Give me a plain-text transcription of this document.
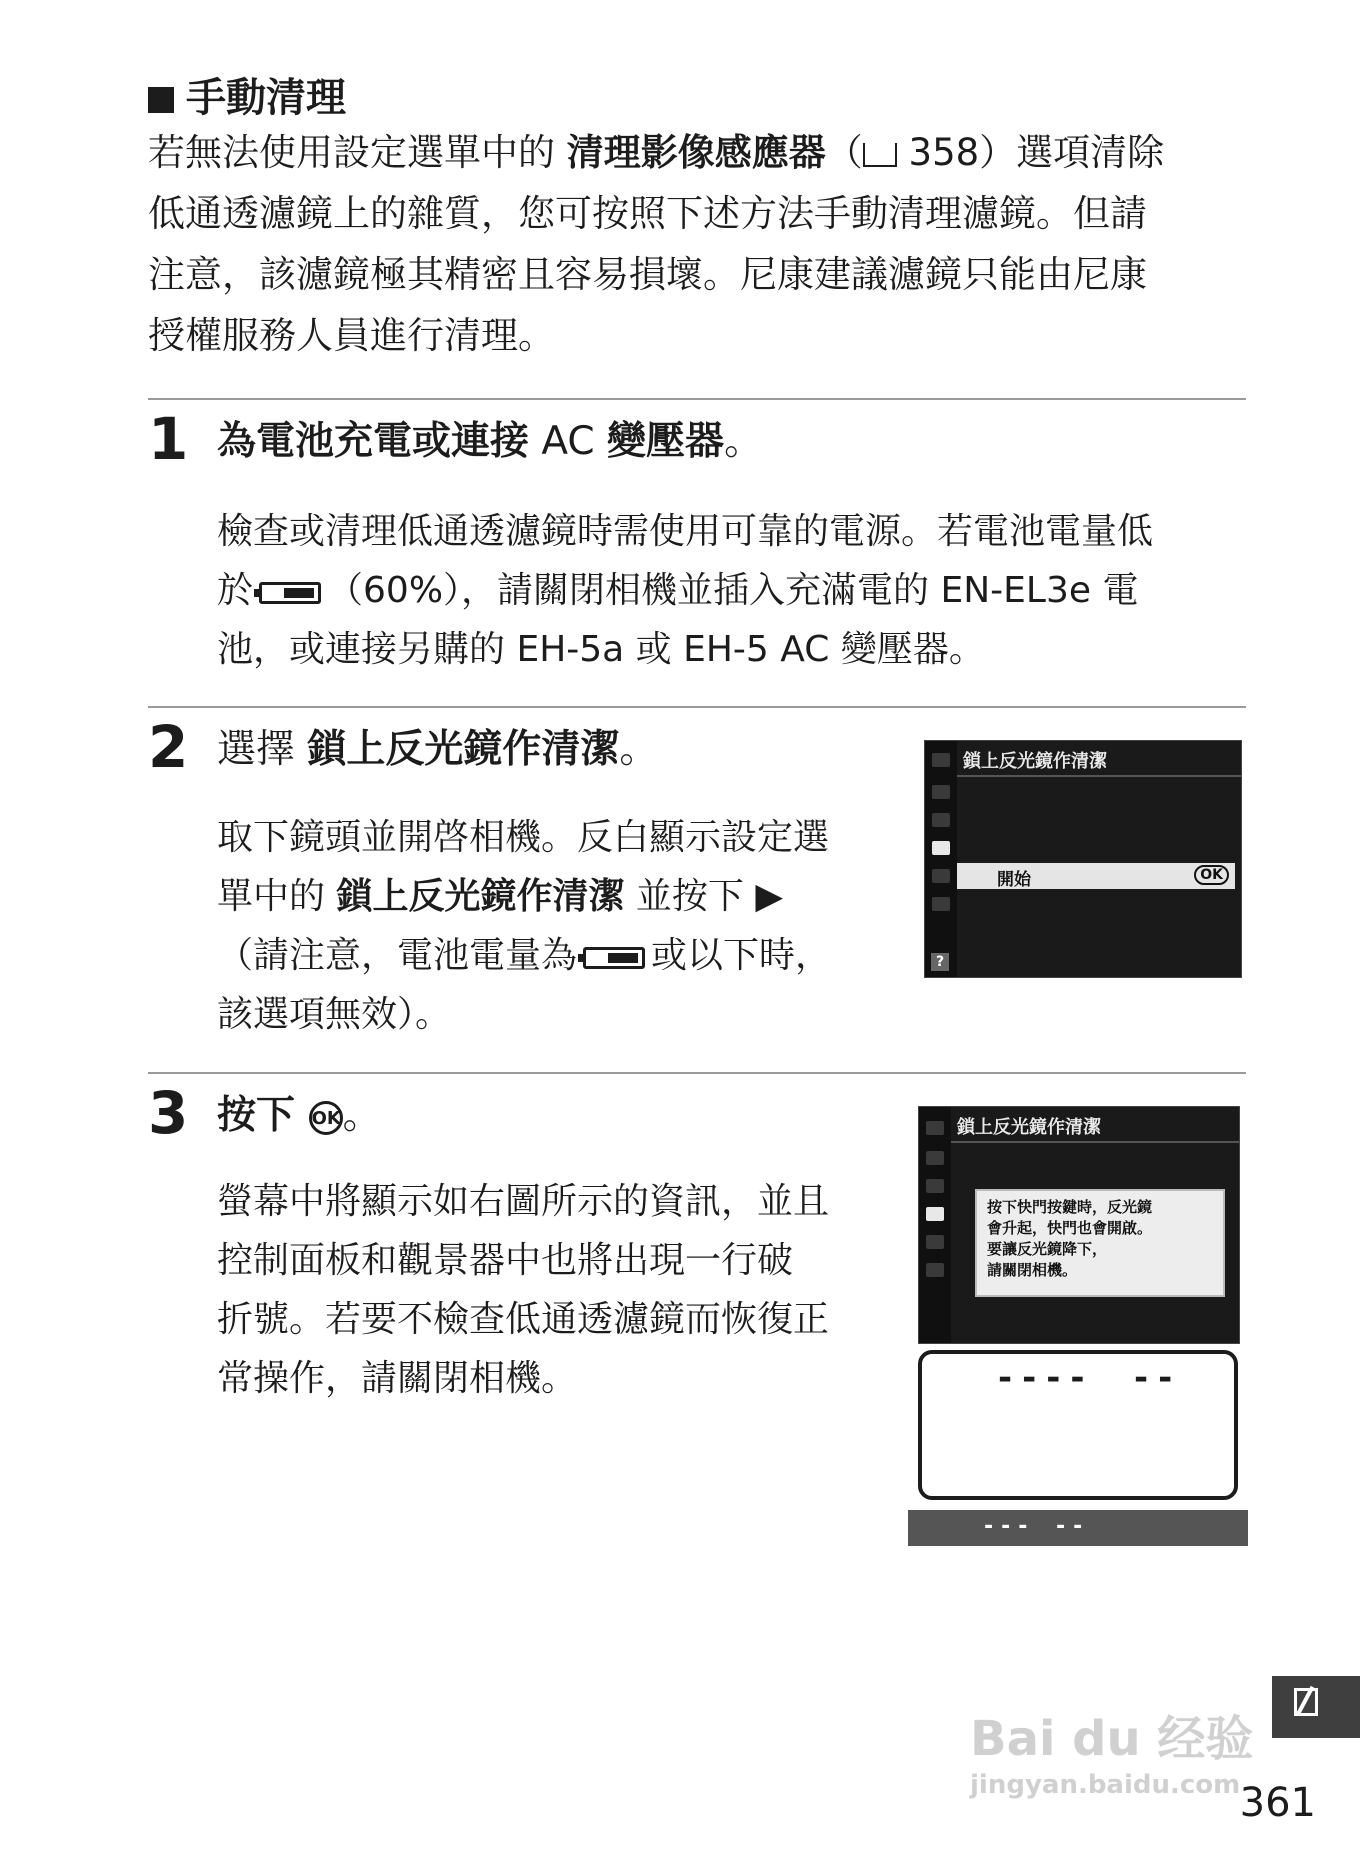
手動清理
若無法使用設定選單中的 清理影像感應器（ 358）選項清除
低通透濾鏡上的雜質，您可按照下述方法手動清理濾鏡。但請
注意，該濾鏡極其精密且容易損壞。尼康建議濾鏡只能由尼康
授權服務人員進行清理。
1 為電池充電或連接 AC 變壓器。
檢查或清理低通透濾鏡時需使用可靠的電源。若電池電量低
於 （60%），請關閉相機並插入充滿電的 EN-EL3e 電
池，或連接另購的 EH-5a 或 EH-5 AC 變壓器。
2 選擇 鎖上反光鏡作清潔。
取下鏡頭並開啓相機。反白顯示設定選
單中的 鎖上反光鏡作清潔 並按下 ▶
（請注意，電池電量為 或以下時，
該選項無效）。
?
鎖上反光鏡作清潔
開始	OK
3 按下 OK。
螢幕中將顯示如右圖所示的資訊，並且
控制面板和觀景器中也將出現一行破
折號。若要不檢查低通透濾鏡而恢復正
常操作，請關閉相機。
鎖上反光鏡作清潔
按下快門按鍵時，反光鏡
會升起，快門也會開啟。
要讓反光鏡降下，
請關閉相機。
---- --
--- --
Bai du 经验
jingyan.baidu.com 361
